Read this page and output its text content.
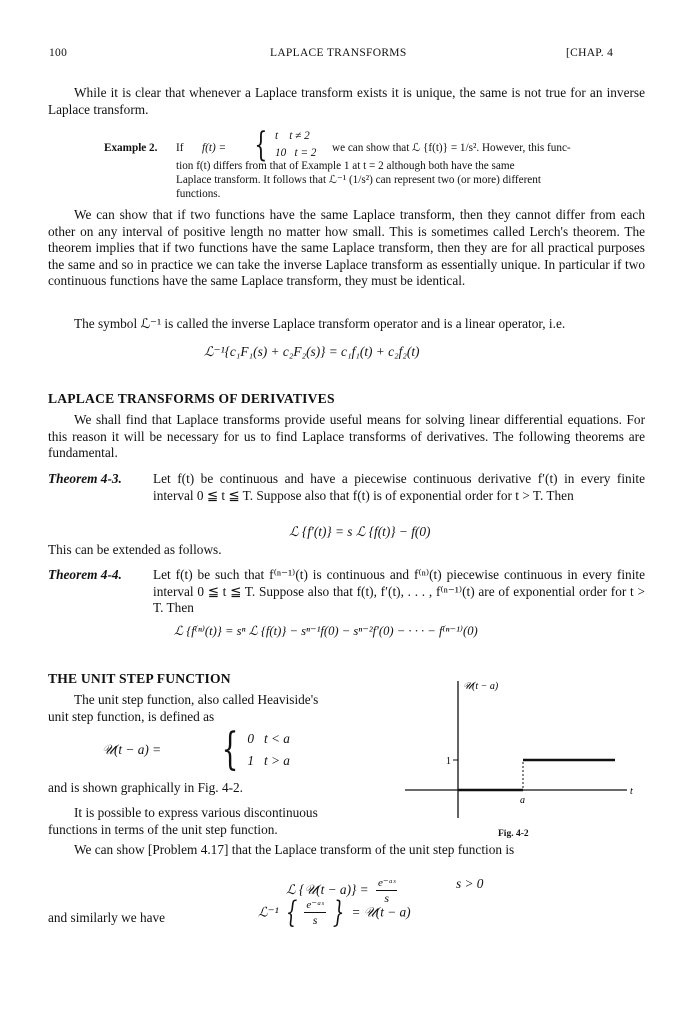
100	LAPLACE TRANSFORMS	[CHAP. 4
While it is clear that whenever a Laplace transform exists it is unique, the same is not true for an inverse Laplace transform.
Example 2. If f(t) = { t    t ≠ 2
10   t = 2 we can show that ℒ {f(t)} = 1/s². However, this func-
tion f(t) differs from that of Example 1 at t = 2 although both have the same
Laplace transform. It follows that ℒ⁻¹ (1/s²) can represent two (or more) different
functions.
We can show that if two functions have the same Laplace transform, then they cannot differ from each other on any interval of positive length no matter how small. This is sometimes called Lerch's theorem. The theorem implies that if two functions have the same Laplace transform, then they are for all practical purposes the same and so in practice we can take the inverse Laplace transform as essentially unique. In particular if two continuous functions have the same Laplace transform, they must be identical.
The symbol ℒ⁻¹ is called the inverse Laplace transform operator and is a linear operator, i.e.
ℒ⁻¹{c₁F₁(s) + c₂F₂(s)} = c₁f₁(t) + c₂f₂(t)
LAPLACE TRANSFORMS OF DERIVATIVES
We shall find that Laplace transforms provide useful means for solving linear differential equations. For this reason it will be necessary for us to find Laplace transforms of derivatives. The following theorems are fundamental.
Theorem 4-3. Let f(t) be continuous and have a piecewise continuous derivative f′(t) in every finite interval 0 ≦ t ≦ T. Suppose also that f(t) is of exponential order for t > T. Then
ℒ {f′(t)} = s ℒ {f(t)} − f(0)
This can be extended as follows.
Theorem 4-4. Let f(t) be such that f⁽ⁿ⁻¹⁾(t) is continuous and f⁽ⁿ⁾(t) piecewise continuous in every finite interval 0 ≦ t ≦ T. Suppose also that f(t), f′(t), . . . , f⁽ⁿ⁻¹⁾(t) are of exponential order for t > T. Then
ℒ {f⁽ⁿ⁾(t)} = sⁿ ℒ {f(t)} − sⁿ⁻¹f(0) − sⁿ⁻²f′(0) − · · · − f⁽ⁿ⁻¹⁾(0)
THE UNIT STEP FUNCTION
The unit step function, also called Heaviside's
unit step function, is defined as
𝒰(t − a) = { 0   t < a
1   t > a
and is shown graphically in Fig. 4-2.
It is possible to express various discontinuous
functions in terms of the unit step function.
𝒰(t − a)
1
a
t
Fig. 4-2
We can show [Problem 4.17] that the Laplace transform of the unit step function is
ℒ {𝒰(t − $a)\} = \frac{\text{e⁻ᵃˢ}}{s}$	s > 0
and similarly we have	ℒ⁻¹ { $\frac{\text{e⁻ᵃˢ}}{s}$ } = 𝒰(t − a)
